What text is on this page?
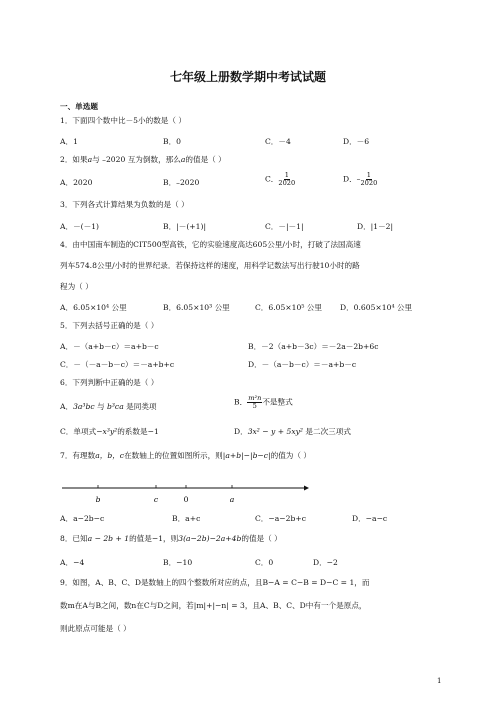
七年级上册数学期中考试试题
一、单选题
1．下面四个数中比－5小的数是（ ）
A．1	B．0	C．－4	D．－6
2．如果a与 –2020 互为倒数，那么a的值是（ ）
A．2020	B．–2020	C． $\frac{1}{2020}$	D．– $\frac{1}{2020}$
3．下列各式计算结果为负数的是（ ）
A．－(－1)	B．|－(+1)|	C．－|－1|	D．|1－2|
4．由中国南车制造的CIT500型高铁，它的实验速度高达605公里/小时，打破了法国高速
列车574.8公里/小时的世界纪录．若保持这样的速度，用科学记数法写出行驶10小时的路
程为（ ）
A．6.05×10⁴ 公里	B．6.05×10³ 公里	C．6.05×10⁵ 公里 D．0.605×10⁴ 公里
5．下列去括号正确的是（ ）
A．－（a+b－c）＝a+b－c	B．－2（a+b－3c）＝－2a－2b+6c
C．－（－a－b－c）＝－a+b+c	D．－（a－b－c）＝－a+b－c
6．下列判断中正确的是（ ）
A．3a³bc 与 b³ca 是同类项	B． $\frac{\text{m²n}}{5}$ 不是整式
C．单项式−x³y²的系数是−1	D．3x² − y + 5xy² 是二次三项式
7．有理数a，b，c在数轴上的位置如图所示，则|a+b|−|b−c|的值为（ ）
b	c	0	a
A．a−2b−c	B．a+c	C．−a−2b+c	D．−a−c
8．已知a − 2b + 1的值是−1，则3(a−2b)−2a+4b的值是（ ）
A．−4	B．−10	C．0	D．−2
9．如图，A、B、C、D是数轴上的四个整数所对应的点，且B−A = C−B = D−C = 1，而
数m在A与B之间，数n在C与D之间，若|m|+|−n| = 3，且A、B、C、D中有一个是原点，
则此原点可能是（ ）
1
